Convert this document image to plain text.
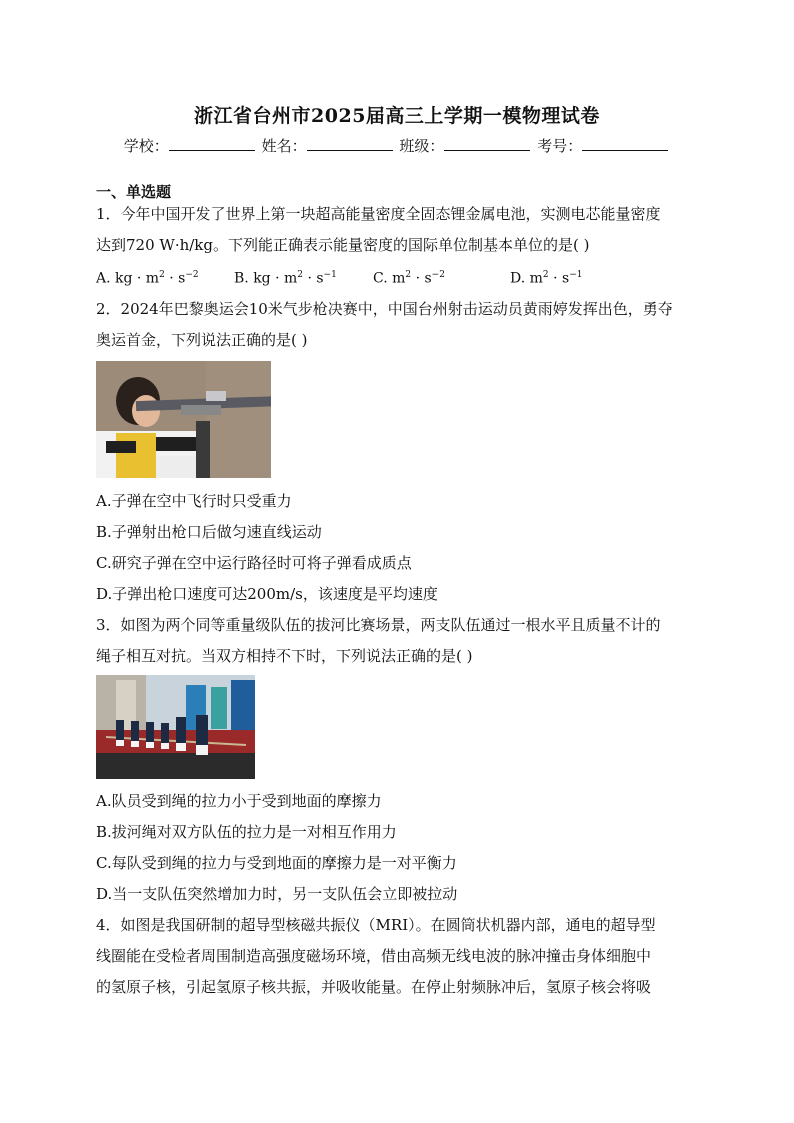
浙江省台州市2025届高三上学期一模物理试卷
学校：	姓名：	班级：	考号：
一、单选题
1．今年中国开发了世界上第一块超高能量密度全固态锂金属电池，实测电芯能量密度
达到720 W·h/kg。下列能正确表示能量密度的国际单位制基本单位的是( )
A. kg · $m^2 \cdot s^{-2}$	B. kg · $m^2 \cdot s^{-1}$	C. $m^2 \cdot s^{-2}$	D. $m^2 \cdot s^{-1}$
2．2024年巴黎奥运会10米气步枪决赛中，中国台州射击运动员黄雨婷发挥出色，勇夺
奥运首金，下列说法正确的是( )
A.子弹在空中飞行时只受重力
B.子弹射出枪口后做匀速直线运动
C.研究子弹在空中运行路径时可将子弹看成质点
D.子弹出枪口速度可达200m/s，该速度是平均速度
3．如图为两个同等重量级队伍的拔河比赛场景，两支队伍通过一根水平且质量不计的
绳子相互对抗。当双方相持不下时，下列说法正确的是( )
A.队员受到绳的拉力小于受到地面的摩擦力
B.拔河绳对双方队伍的拉力是一对相互作用力
C.每队受到绳的拉力与受到地面的摩擦力是一对平衡力
D.当一支队伍突然增加力时，另一支队伍会立即被拉动
4．如图是我国研制的超导型核磁共振仪（MRI）。在圆筒状机器内部，通电的超导型
线圈能在受检者周围制造高强度磁场环境，借由高频无线电波的脉冲撞击身体细胞中
的氢原子核，引起氢原子核共振，并吸收能量。在停止射频脉冲后，氢原子核会将吸
